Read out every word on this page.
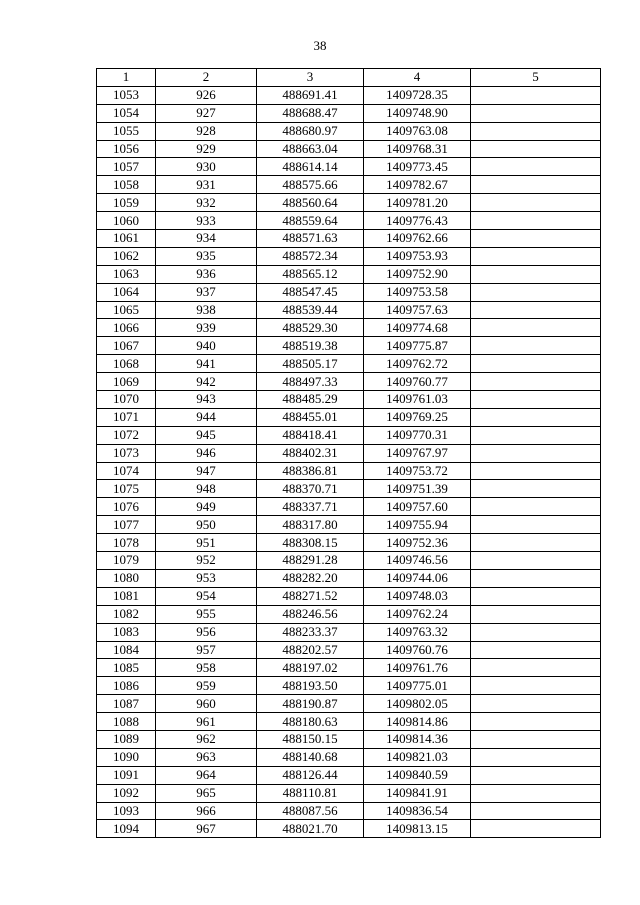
38
1	2	3	4	5
1053	926	488691.41	1409728.35	
1054	927	488688.47	1409748.90	
1055	928	488680.97	1409763.08	
1056	929	488663.04	1409768.31	
1057	930	488614.14	1409773.45	
1058	931	488575.66	1409782.67	
1059	932	488560.64	1409781.20	
1060	933	488559.64	1409776.43	
1061	934	488571.63	1409762.66	
1062	935	488572.34	1409753.93	
1063	936	488565.12	1409752.90	
1064	937	488547.45	1409753.58	
1065	938	488539.44	1409757.63	
1066	939	488529.30	1409774.68	
1067	940	488519.38	1409775.87	
1068	941	488505.17	1409762.72	
1069	942	488497.33	1409760.77	
1070	943	488485.29	1409761.03	
1071	944	488455.01	1409769.25	
1072	945	488418.41	1409770.31	
1073	946	488402.31	1409767.97	
1074	947	488386.81	1409753.72	
1075	948	488370.71	1409751.39	
1076	949	488337.71	1409757.60	
1077	950	488317.80	1409755.94	
1078	951	488308.15	1409752.36	
1079	952	488291.28	1409746.56	
1080	953	488282.20	1409744.06	
1081	954	488271.52	1409748.03	
1082	955	488246.56	1409762.24	
1083	956	488233.37	1409763.32	
1084	957	488202.57	1409760.76	
1085	958	488197.02	1409761.76	
1086	959	488193.50	1409775.01	
1087	960	488190.87	1409802.05	
1088	961	488180.63	1409814.86	
1089	962	488150.15	1409814.36	
1090	963	488140.68	1409821.03	
1091	964	488126.44	1409840.59	
1092	965	488110.81	1409841.91	
1093	966	488087.56	1409836.54	
1094	967	488021.70	1409813.15	
